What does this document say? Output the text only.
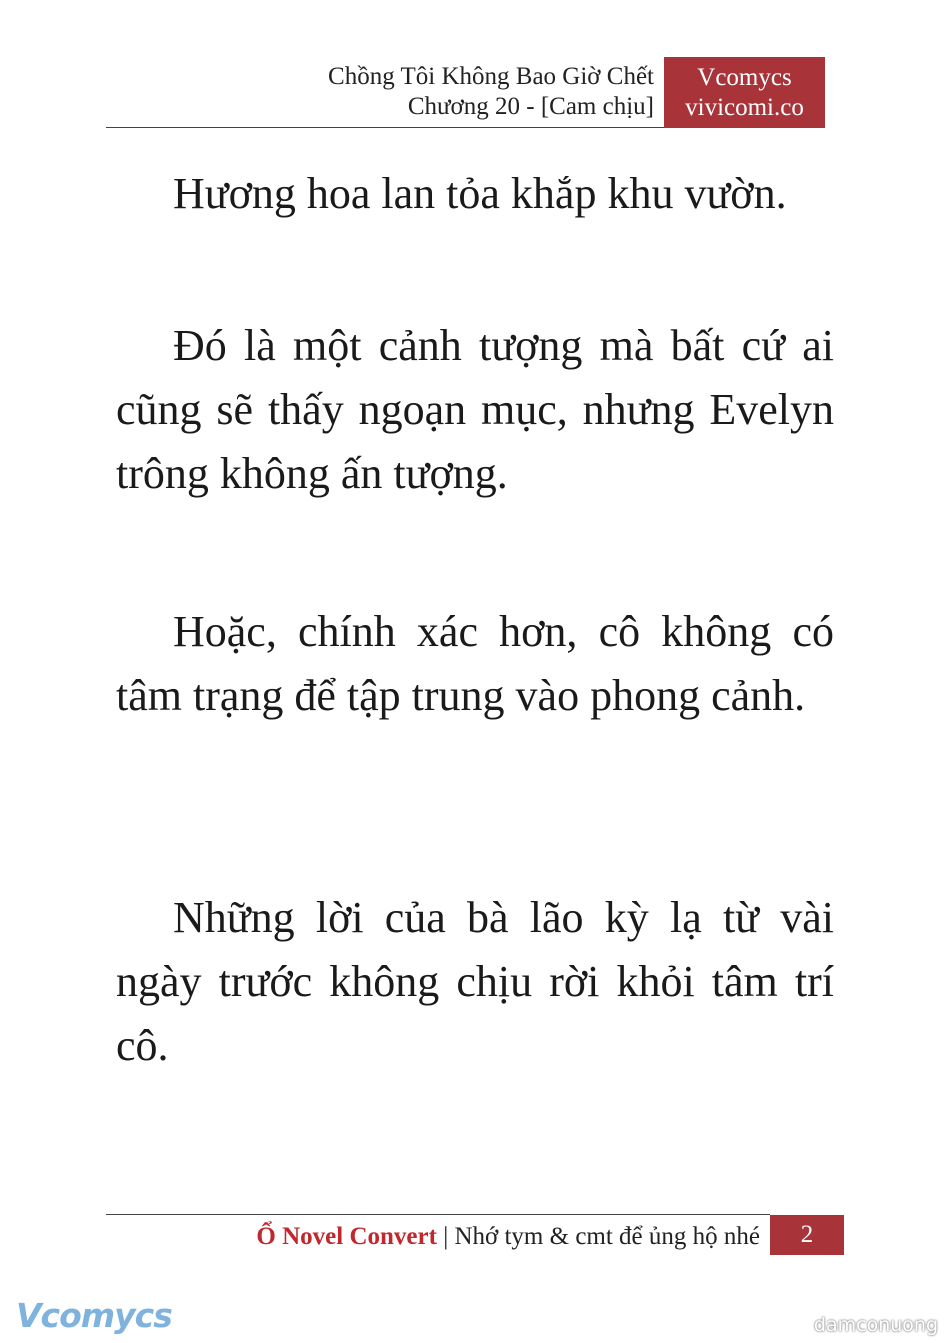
Chồng Tôi Không Bao Giờ Chết
Chương 20 - [Cam chịu]
Vcomycs
vivicomi.co

Hương hoa lan tỏa khắp khu vườn.

Đó là một cảnh tượng mà bất cứ ai cũng sẽ thấy ngoạn mục, nhưng Evelyn trông không ấn tượng.

Hoặc, chính xác hơn, cô không có tâm trạng để tập trung vào phong cảnh.

Những lời của bà lão kỳ lạ từ vài ngày trước không chịu rời khỏi tâm trí cô.

Ổ Novel Convert | Nhớ tym & cmt để ủng hộ nhé	2
Vcomycs	damconuong
